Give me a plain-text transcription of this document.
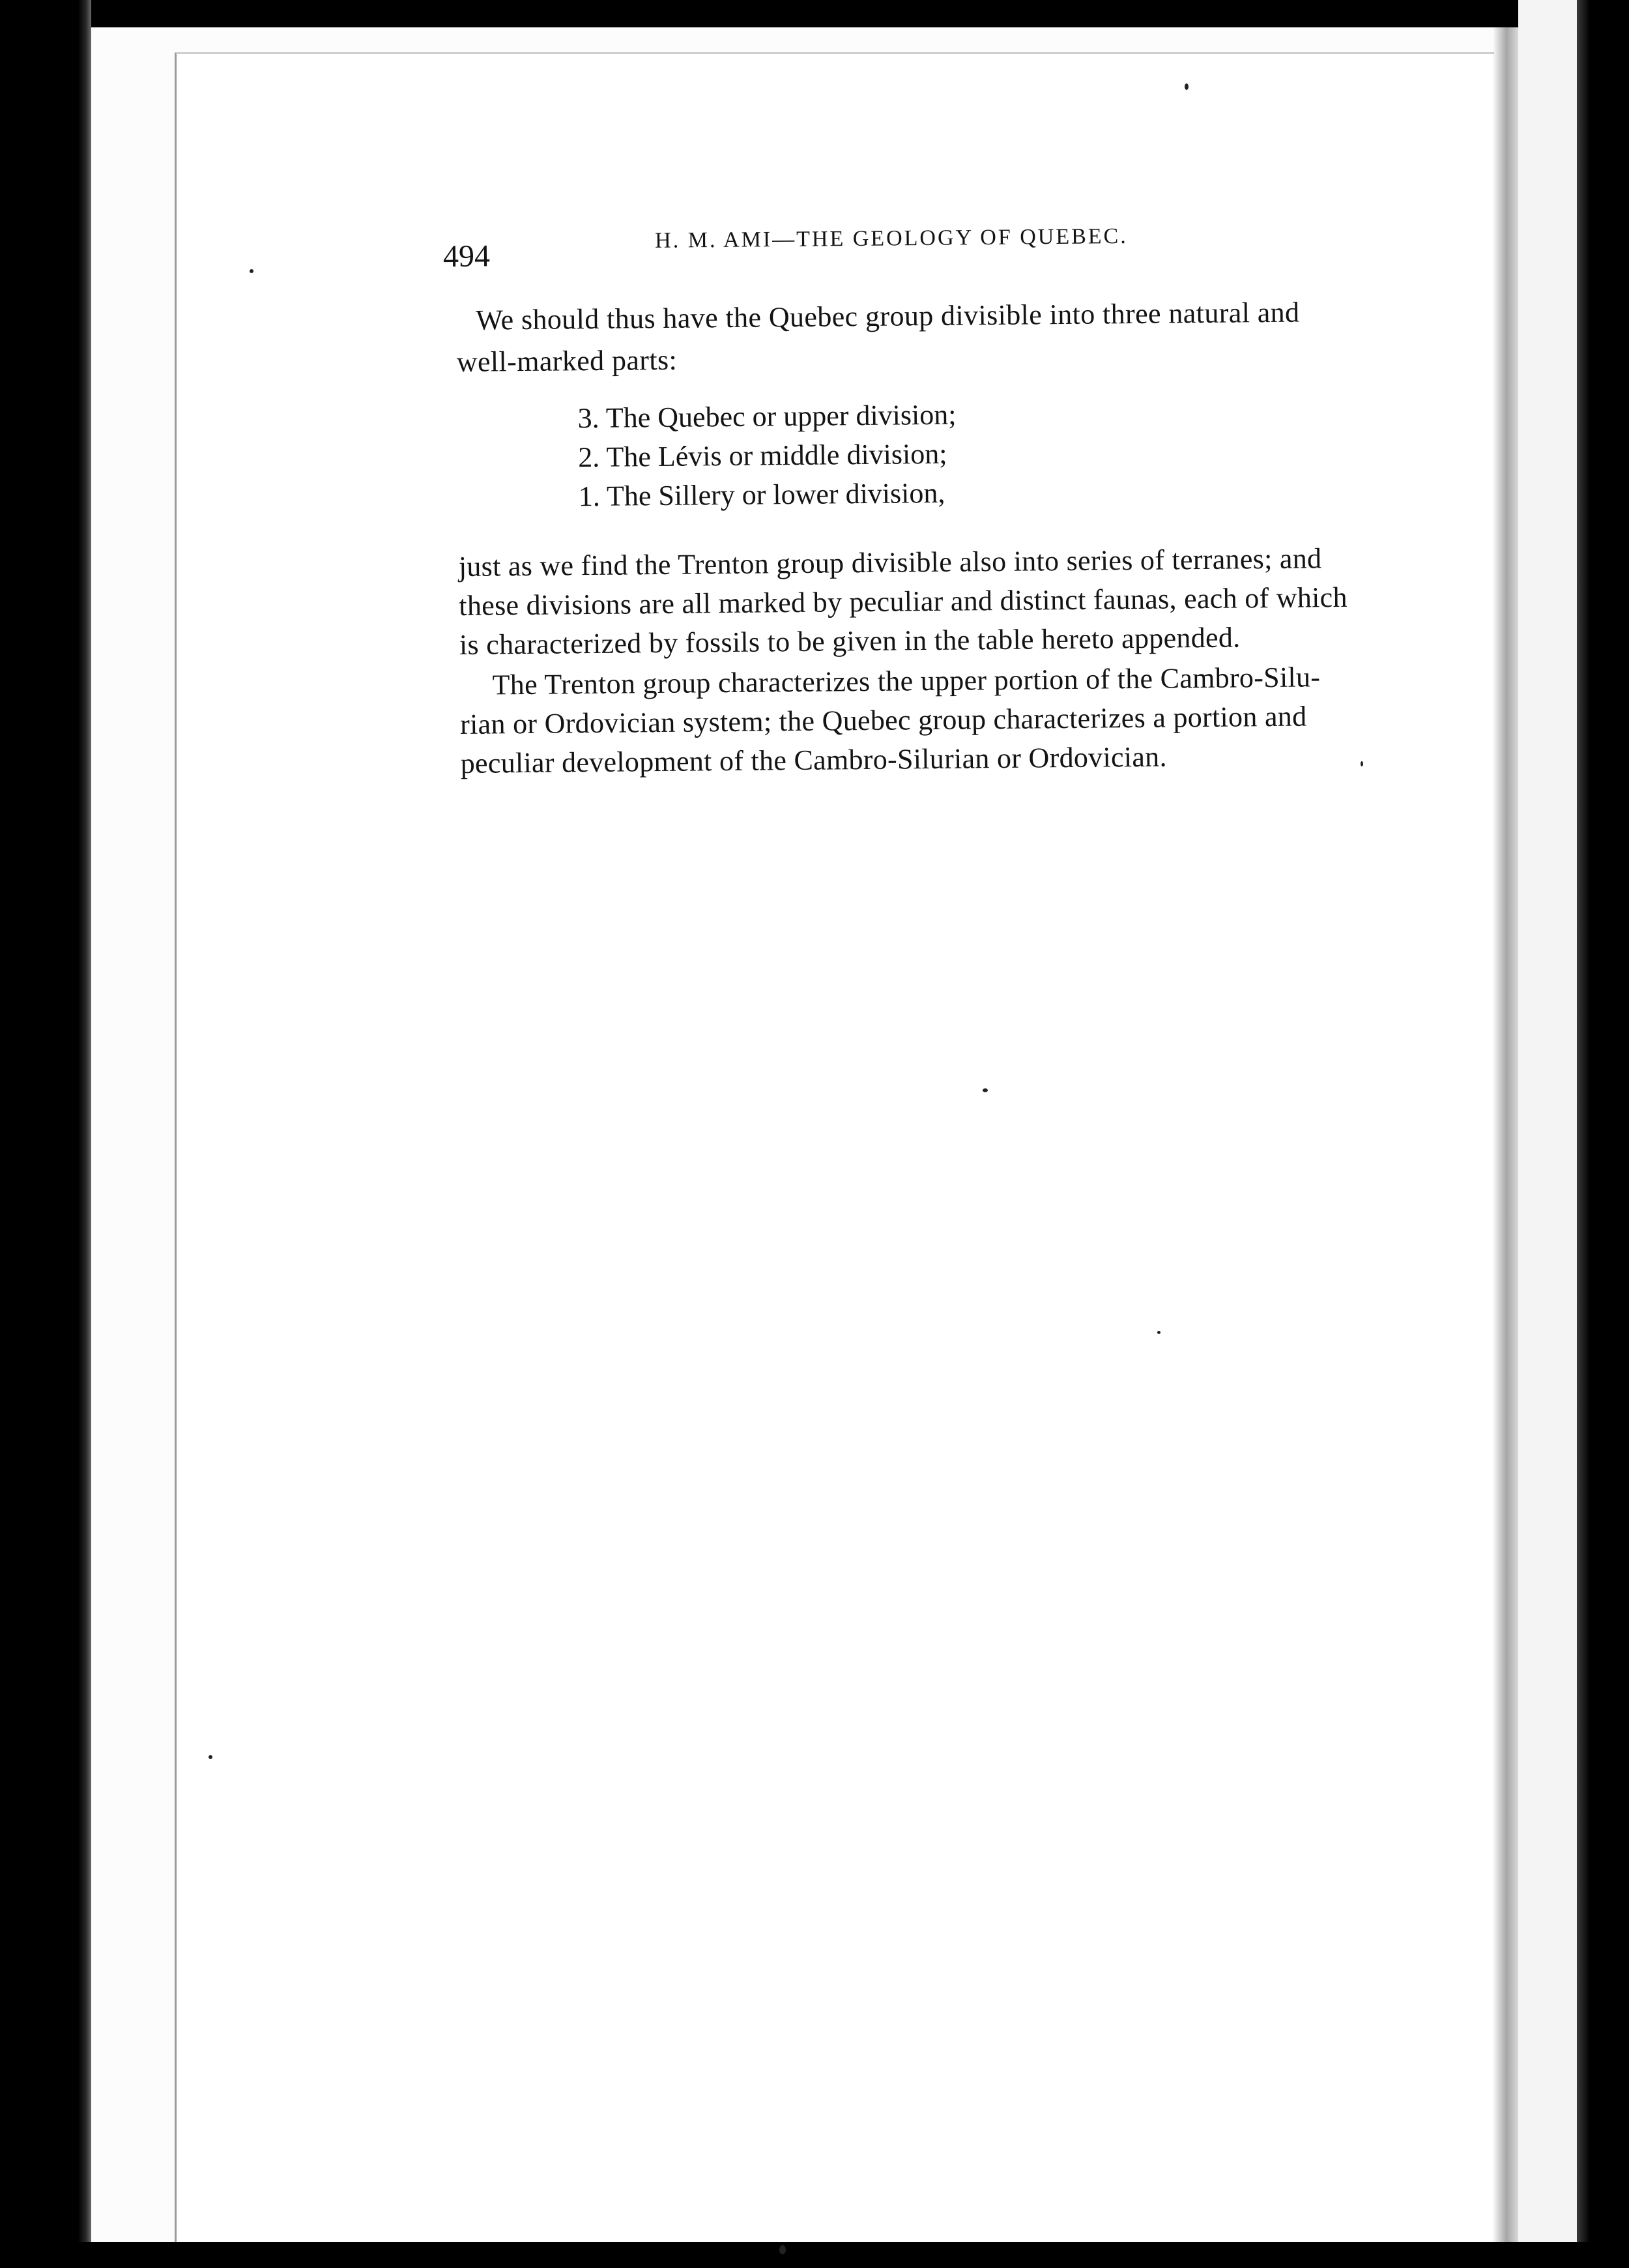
H. M. AMI—THE GEOLOGY OF QUEBEC.
494
We should thus have the Quebec group divisible into three natural and
well-marked parts:
3. The Quebec or upper division;
2. The Lévis or middle division;
1. The Sillery or lower division,
just as we find the Trenton group divisible also into series of terranes; and
these divisions are all marked by peculiar and distinct faunas, each of which
is characterized by fossils to be given in the table hereto appended.
The Trenton group characterizes the upper portion of the Cambro-Silu-
rian or Ordovician system; the Quebec group characterizes a portion and
peculiar development of the Cambro-Silurian or Ordovician.
